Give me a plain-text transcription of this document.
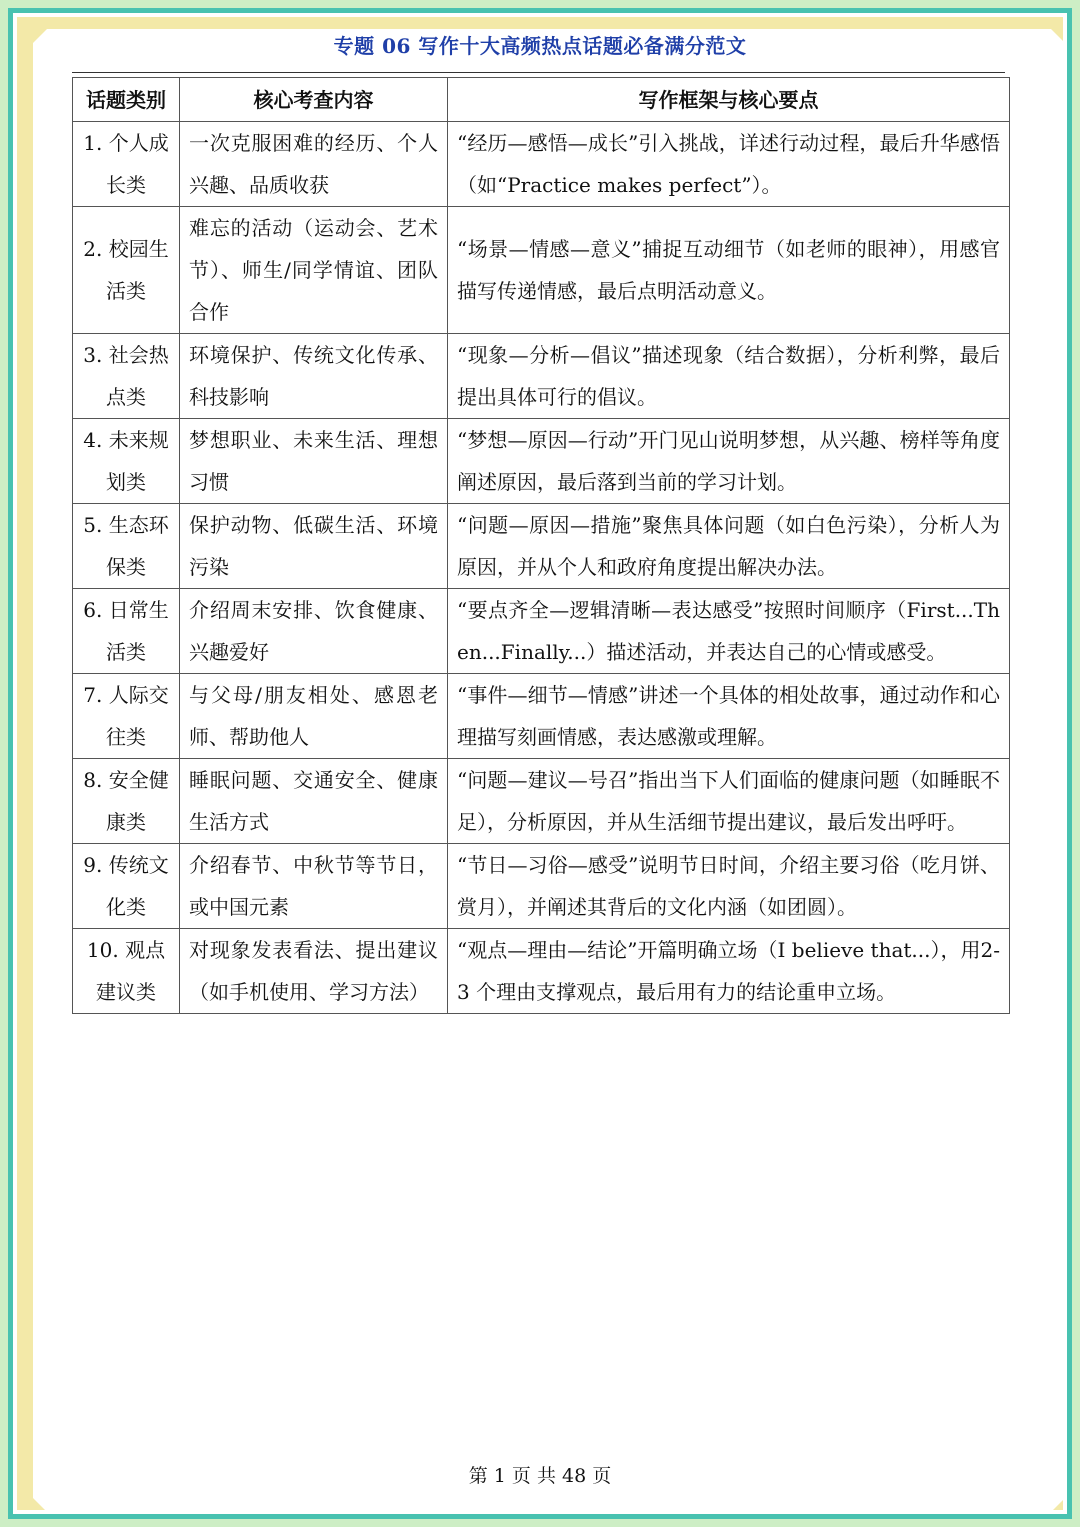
专题 06 写作十大高频热点话题必备满分范文
话题类别	核心考查内容	写作框架与核心要点
1. 个人成长类	一次克服困难的经历、个人兴趣、品质收获	“经历—感悟—成长”引入挑战，详述行动过程，最后升华感悟（如“Practice makes perfect”）。
2. 校园生活类	难忘的活动（运动会、艺术节）、师生/同学情谊、团队合作	“场景—情感—意义”捕捉互动细节（如老师的眼神），用感官描写传递情感，最后点明活动意义。
3. 社会热点类	环境保护、传统文化传承、科技影响	“现象—分析—倡议”描述现象（结合数据），分析利弊，最后提出具体可行的倡议。
4. 未来规划类	梦想职业、未来生活、理想习惯	“梦想—原因—行动”开门见山说明梦想，从兴趣、榜样等角度阐述原因，最后落到当前的学习计划。
5. 生态环保类	保护动物、低碳生活、环境污染	“问题—原因—措施”聚焦具体问题（如白色污染），分析人为原因，并从个人和政府角度提出解决办法。
6. 日常生活类	介绍周末安排、饮食健康、兴趣爱好	“要点齐全—逻辑清晰—表达感受”按照时间顺序（First...Then...Finally...）描述活动，并表达自己的心情或感受。
7. 人际交往类	与父母/朋友相处、感恩老师、帮助他人	“事件—细节—情感”讲述一个具体的相处故事，通过动作和心理描写刻画情感，表达感激或理解。
8. 安全健康类	睡眠问题、交通安全、健康生活方式	“问题—建议—号召”指出当下人们面临的健康问题（如睡眠不足），分析原因，并从生活细节提出建议，最后发出呼吁。
9. 传统文化类	介绍春节、中秋节等节日，或中国元素	“节日—习俗—感受”说明节日时间，介绍主要习俗（吃月饼、赏月），并阐述其背后的文化内涵（如团圆）。
10. 观点建议类	对现象发表看法、提出建议（如手机使用、学习方法）	“观点—理由—结论”开篇明确立场（I believe that...），用2-3 个理由支撑观点，最后用有力的结论重申立场。
第 1 页 共 48 页
